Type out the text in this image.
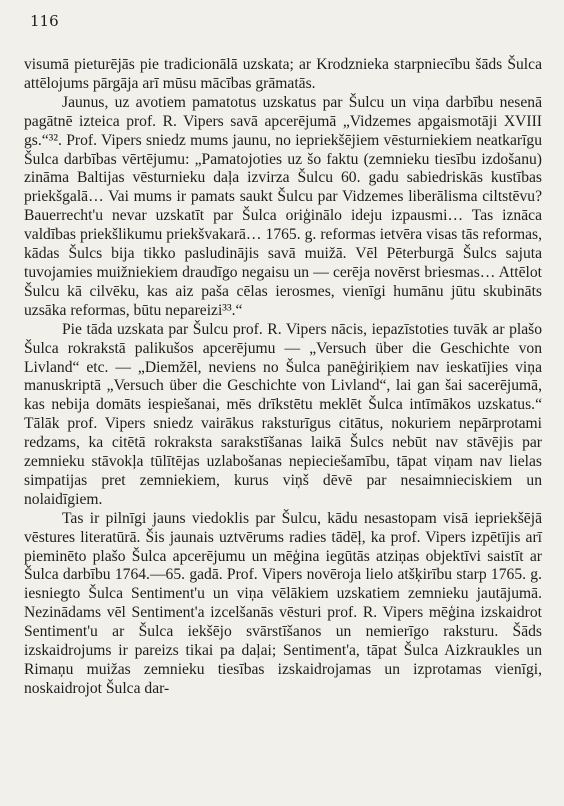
116

visumā pieturējās pie tradicionālā uzskata; ar Krodznieka starpniecību šāds Šulca attēlojums pārgāja arī mūsu mācības grāmatās.

Jaunus, uz avotiem pamatotus uzskatus par Šulcu un viņa darbību nesenā pagātnē izteica prof. R. Vipers savā apcerējumā „Vidzemes apgaismotāji XVIII gs.“³². Prof. Vipers sniedz mums jaunu, no iepriekšējiem vēsturniekiem neatkarīgu Šulca darbības vērtējumu: „Pamatojoties uz šo faktu (zemnieku tiesību izdošanu) zināma Baltijas vēsturnieku daļa izvirza Šulcu 60. gadu sabiedriskās kustības priekšgalā… Vai mums ir pamats saukt Šulcu par Vidzemes liberālisma ciltstēvu? Bauerrecht'u nevar uzskatīt par Šulca oriģinālo ideju izpausmi… Tas iznāca valdības priekšlikumu priekšvakarā… 1765. g. reformas ietvēra visas tās reformas, kādas Šulcs bija tikko pasludinājis savā muižā. Vēl Pēterburgā Šulcs sajuta tuvojamies muižniekiem draudīgo negaisu un — cerēja novērst briesmas… Attēlot Šulcu kā cilvēku, kas aiz paša cēlas ierosmes, vienīgi humānu jūtu skubināts uzsāka reformas, būtu nepareizi³³.“

Pie tāda uzskata par Šulcu prof. R. Vipers nācis, iepazīstoties tuvāk ar plašo Šulca rokrakstā palikušos apcerējumu — „Versuch über die Geschichte von Livland“ etc. — „Diemžēl, neviens no Šulca panēģiriķiem nav ieskatījies viņa manuskriptā „Versuch über die Geschichte von Livland“, lai gan šai sacerējumā, kas nebija domāts iespiešanai, mēs drīkstētu meklēt Šulca intīmākos uzskatus.“ Tālāk prof. Vipers sniedz vairākus raksturīgus citātus, nokuriem nepārprotami redzams, ka citētā rokraksta sarakstīšanas laikā Šulcs nebūt nav stāvējis par zemnieku stāvokļa tūlītējas uzlabošanas nepieciešamību, tāpat viņam nav lielas simpatijas pret zemniekiem, kurus viņš dēvē par nesaimnieciskiem un nolaidīgiem.

Tas ir pilnīgi jauns viedoklis par Šulcu, kādu nesastopam visā iepriekšējā vēstures literatūrā. Šis jaunais uztvērums radies tādēļ, ka prof. Vipers izpētījis arī pieminēto plašo Šulca apcerējumu un mēģina iegūtās atziņas objektīvi saistīt ar Šulca darbību 1764.—65. gadā. Prof. Vipers novēroja lielo atšķirību starp 1765. g. iesniegto Šulca Sentiment'u un viņa vēlākiem uzskatiem zemnieku jautājumā. Nezinādams vēl Sentiment'a izcelšanās vēsturi prof. R. Vipers mēģina izskaidrot Sentiment'u ar Šulca iekšējo svārstīšanos un nemierīgo raksturu. Šāds izskaidrojums ir pareizs tikai pa daļai; Sentiment'a, tāpat Šulca Aizkraukles un Rimaņu muižas zemnieku tiesības izskaidrojamas un izprotamas vienīgi, noskaidrojot Šulca dar-
